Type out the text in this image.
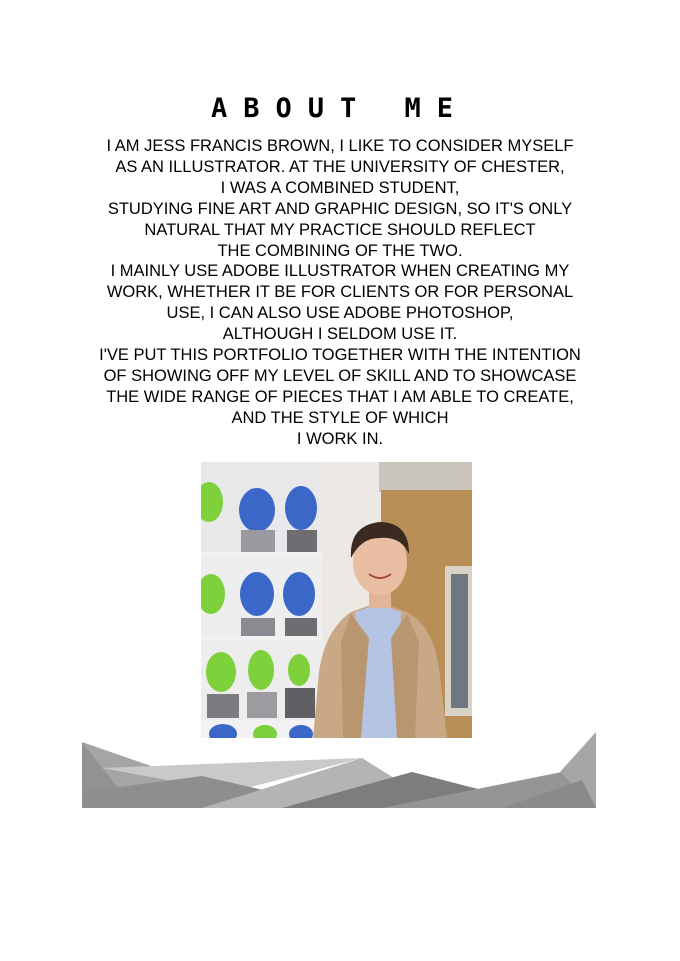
ABOUT ME
I AM JESS FRANCIS BROWN, I LIKE TO CONSIDER MYSELF
AS AN ILLUSTRATOR. AT THE UNIVERSITY OF CHESTER,
I WAS A COMBINED STUDENT,
STUDYING FINE ART AND GRAPHIC DESIGN, SO IT'S ONLY
NATURAL THAT MY PRACTICE SHOULD REFLECT
THE COMBINING OF THE TWO.
I MAINLY USE ADOBE ILLUSTRATOR WHEN CREATING MY
WORK, WHETHER IT BE FOR CLIENTS OR FOR PERSONAL
USE, I CAN ALSO USE ADOBE PHOTOSHOP,
ALTHOUGH I SELDOM USE IT.
I'VE PUT THIS PORTFOLIO TOGETHER WITH THE INTENTION
OF SHOWING OFF MY LEVEL OF SKILL AND TO SHOWCASE
THE WIDE RANGE OF PIECES THAT I AM ABLE TO CREATE,
AND THE STYLE OF WHICH
I WORK IN.
